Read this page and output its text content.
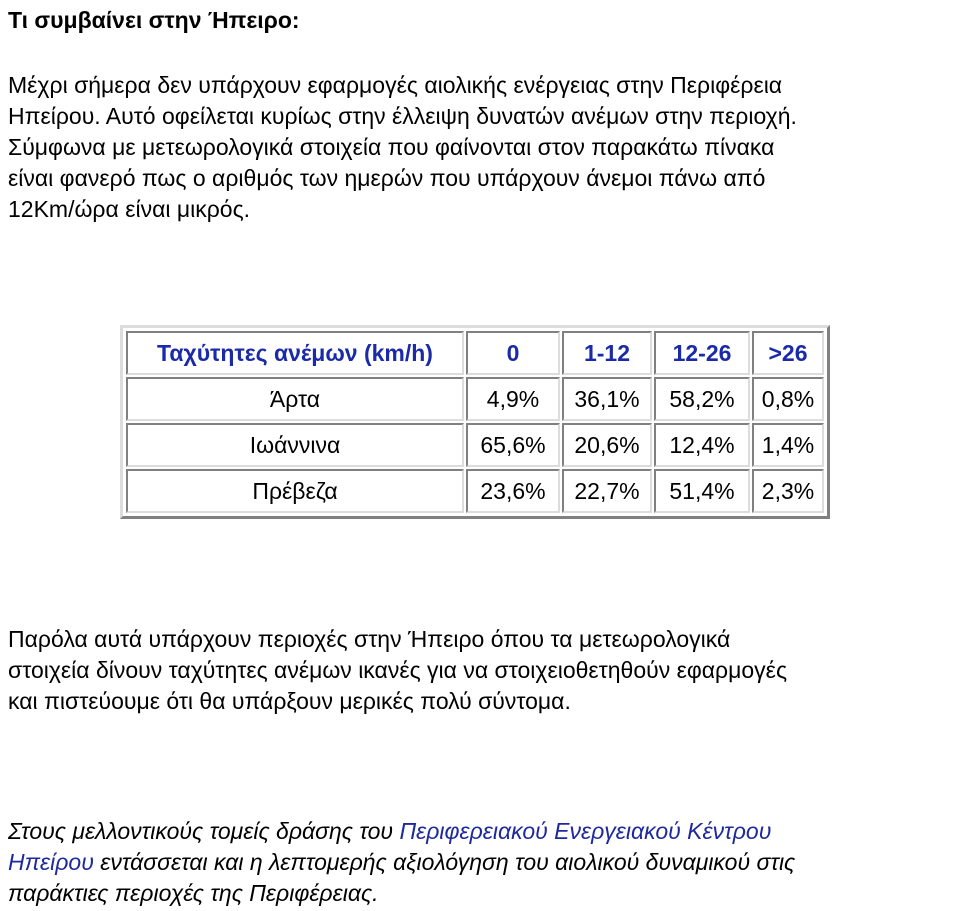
Τι συμβαίνει στην Ήπειρο:

Μέχρι σήμερα δεν υπάρχουν εφαρμογές αιολικής ενέργειας στην Περιφέρεια
Ηπείρου. Αυτό οφείλεται κυρίως στην έλλειψη δυνατών ανέμων στην περιοχή.
Σύμφωνα με μετεωρολογικά στοιχεία που φαίνονται στον παρακάτω πίνακα
είναι φανερό πως ο αριθμός των ημερών που υπάρχουν άνεμοι πάνω από
12Km/ώρα είναι μικρός.

Ταχύτητες ανέμων (km/h)	0	1-12	12-26	>26
Άρτα	4,9%	36,1%	58,2%	0,8%
Ιωάννινα	65,6%	20,6%	12,4%	1,4%
Πρέβεζα	23,6%	22,7%	51,4%	2,3%

Παρόλα αυτά υπάρχουν περιοχές στην Ήπειρο όπου τα μετεωρολογικά
στοιχεία δίνουν ταχύτητες ανέμων ικανές για να στοιχειοθετηθούν εφαρμογές
και πιστεύουμε ότι θα υπάρξουν μερικές πολύ σύντομα.

Στους μελλοντικούς τομείς δράσης του Περιφερειακού Ενεργειακού Κέντρου
Ηπείρου εντάσσεται και η λεπτομερής αξιολόγηση του αιολικού δυναμικού στις
παράκτιες περιοχές της Περιφέρειας.
